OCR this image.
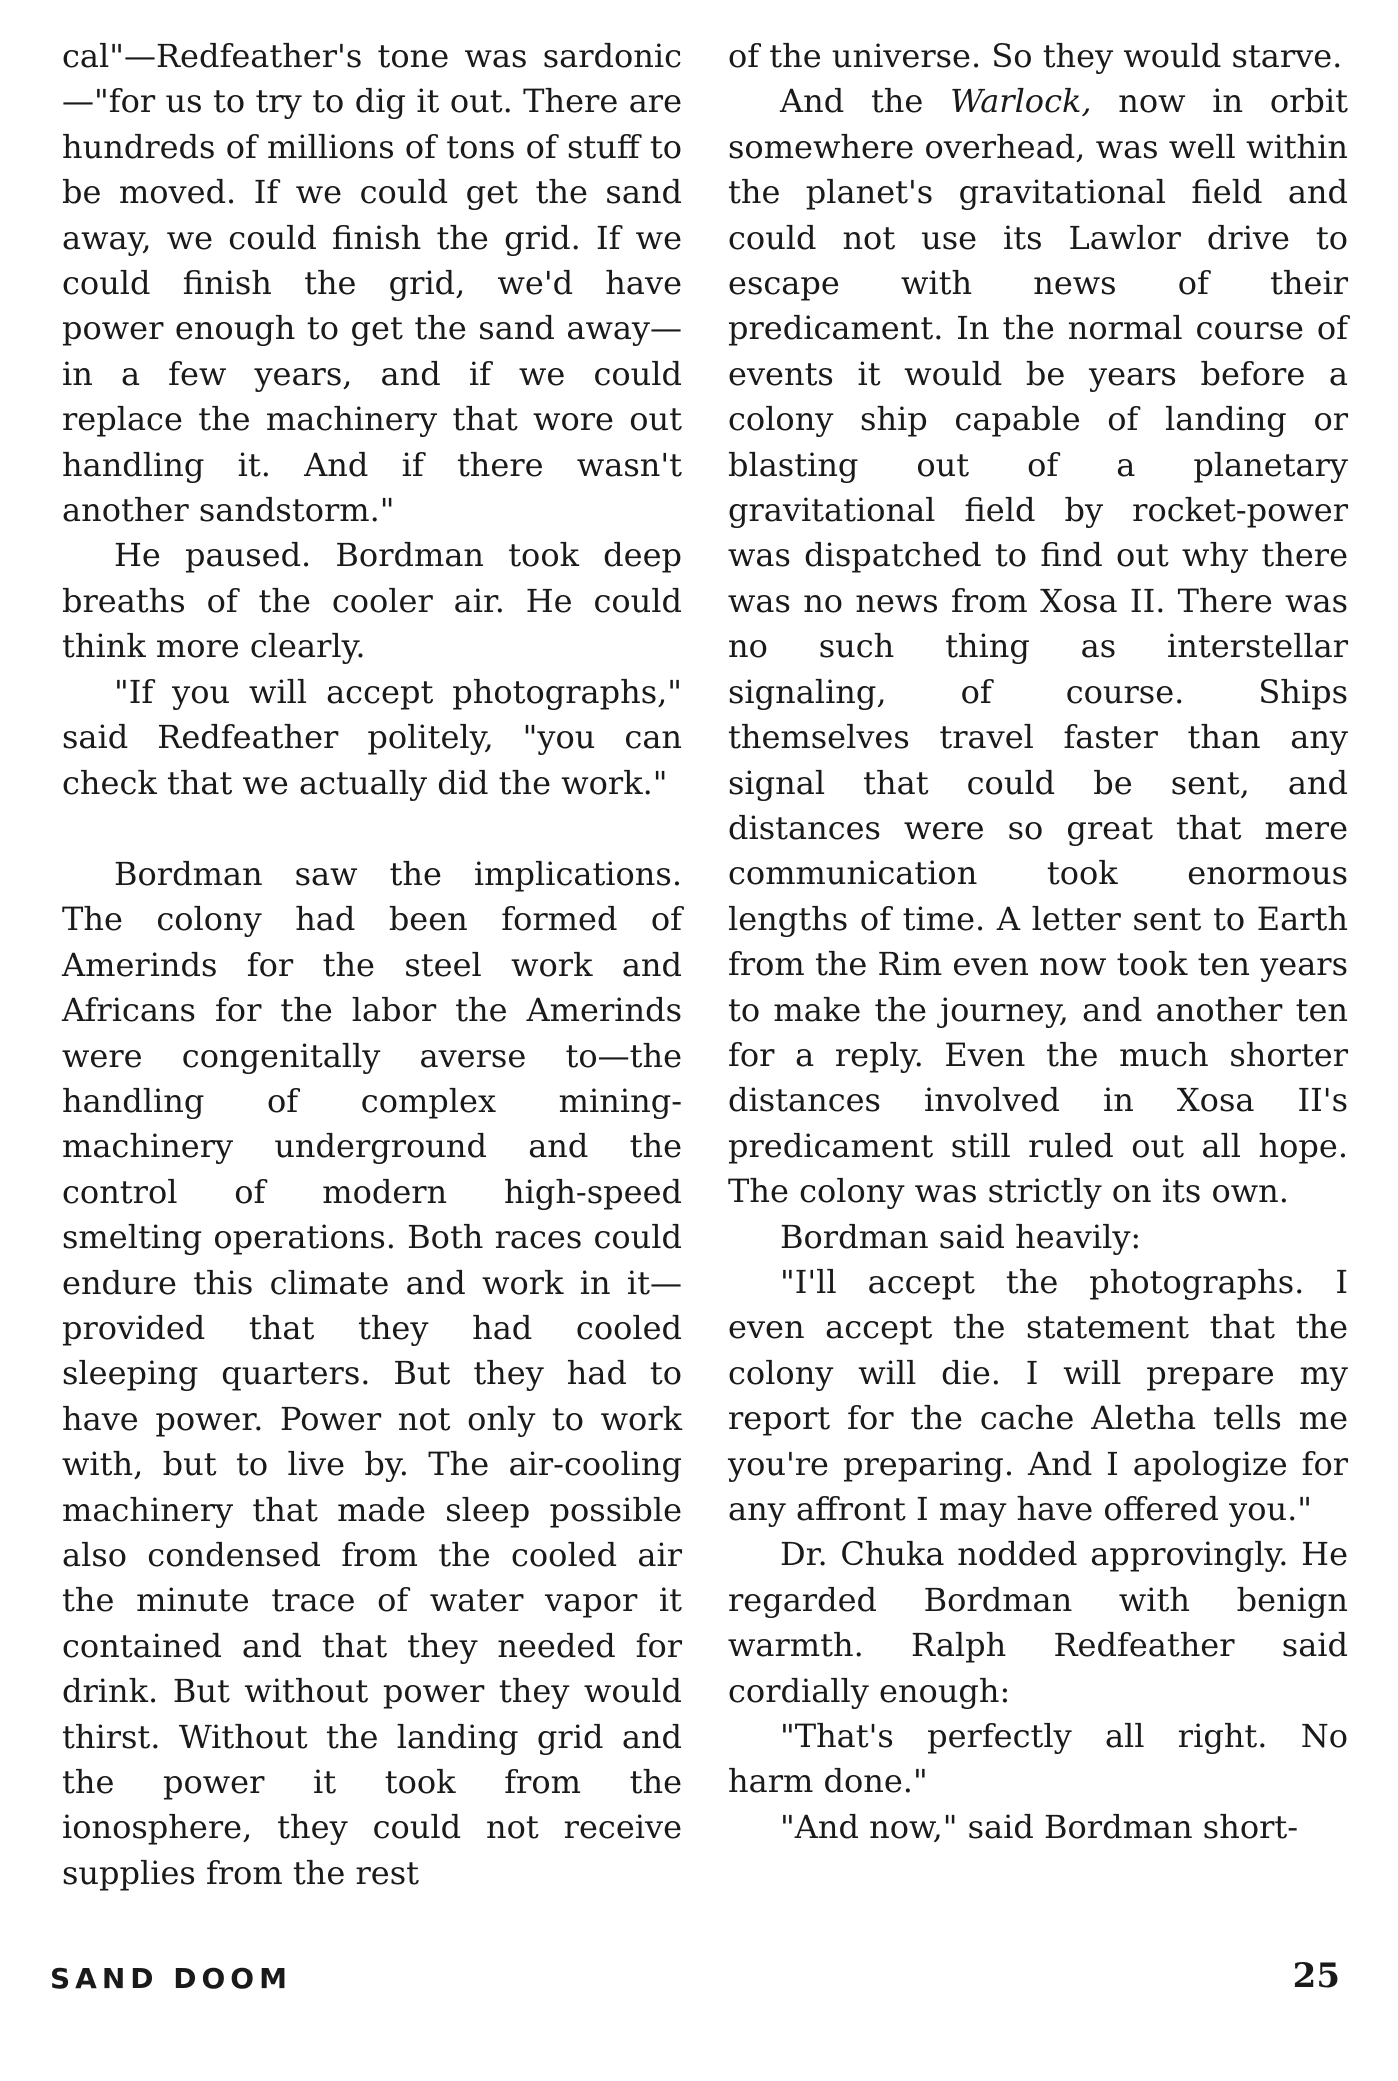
cal"—Redfeather's tone was sardonic—"for us to try to dig it out. There are hundreds of millions of tons of stuff to be moved. If we could get the sand away, we could finish the grid. If we could finish the grid, we'd have power enough to get the sand away—in a few years, and if we could replace the machinery that wore out handling it. And if there wasn't another sandstorm."

He paused. Bordman took deep breaths of the cooler air. He could think more clearly.

"If you will accept photographs," said Redfeather politely, "you can check that we actually did the work."

Bordman saw the implications. The colony had been formed of Amerinds for the steel work and Africans for the labor the Amerinds were congenitally averse to—the handling of complex mining-machinery underground and the control of modern high-speed smelting operations. Both races could endure this climate and work in it—provided that they had cooled sleeping quarters. But they had to have power. Power not only to work with, but to live by. The air-cooling machinery that made sleep possible also condensed from the cooled air the minute trace of water vapor it contained and that they needed for drink. But without power they would thirst. Without the landing grid and the power it took from the ionosphere, they could not receive supplies from the rest

of the universe. So they would starve.

And the Warlock, now in orbit somewhere overhead, was well within the planet's gravitational field and could not use its Lawlor drive to escape with news of their predicament. In the normal course of events it would be years before a colony ship capable of landing or blasting out of a planetary gravitational field by rocket-power was dispatched to find out why there was no news from Xosa II. There was no such thing as interstellar signaling, of course. Ships themselves travel faster than any signal that could be sent, and distances were so great that mere communication took enormous lengths of time. A letter sent to Earth from the Rim even now took ten years to make the journey, and another ten for a reply. Even the much shorter distances involved in Xosa II's predicament still ruled out all hope. The colony was strictly on its own.

Bordman said heavily:

"I'll accept the photographs. I even accept the statement that the colony will die. I will prepare my report for the cache Aletha tells me you're preparing. And I apologize for any affront I may have offered you."

Dr. Chuka nodded approvingly. He regarded Bordman with benign warmth. Ralph Redfeather said cordially enough:

"That's perfectly all right. No harm done."

"And now," said Bordman short-

SAND DOOM	25
